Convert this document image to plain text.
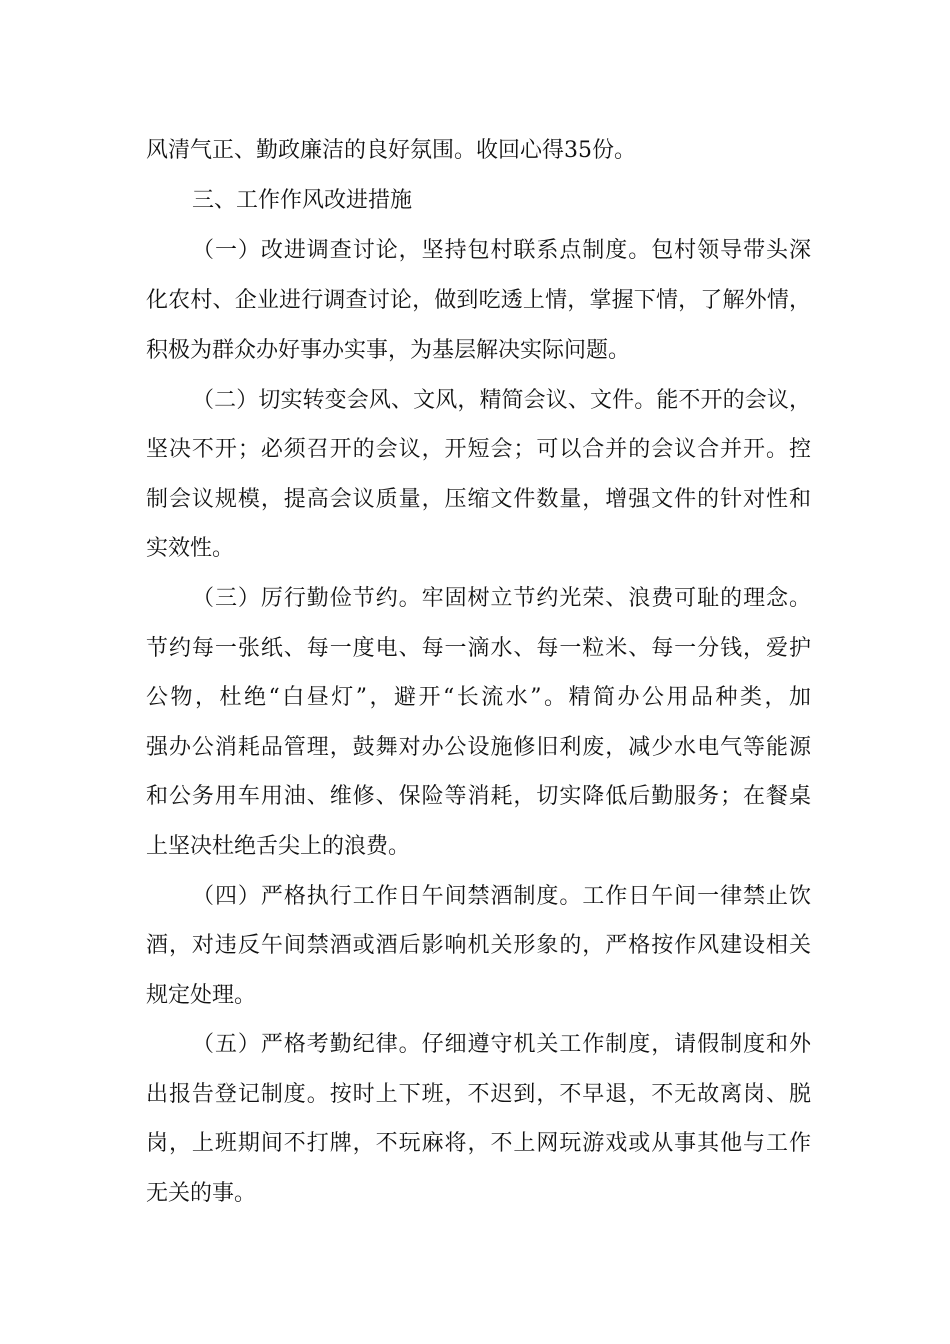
风清气正、勤政廉洁的良好氛围。收回心得35份。
三、工作作风改进措施
（一）改进调查讨论，坚持包村联系点制度。包村领导带头深
化农村、企业进行调查讨论，做到吃透上情，掌握下情，了解外情，
积极为群众办好事办实事，为基层解决实际问题。
（二）切实转变会风、文风，精简会议、文件。能不开的会议，
坚决不开；必须召开的会议，开短会；可以合并的会议合并开。控
制会议规模，提高会议质量，压缩文件数量，增强文件的针对性和
实效性。
（三）厉行勤俭节约。牢固树立节约光荣、浪费可耻的理念。
节约每一张纸、每一度电、每一滴水、每一粒米、每一分钱，爱护
公物，杜绝“白昼灯”，避开“长流水”。精简办公用品种类，加
强办公消耗品管理，鼓舞对办公设施修旧利废，减少水电气等能源
和公务用车用油、维修、保险等消耗，切实降低后勤服务；在餐桌
上坚决杜绝舌尖上的浪费。
（四）严格执行工作日午间禁酒制度。工作日午间一律禁止饮
酒，对违反午间禁酒或酒后影响机关形象的，严格按作风建设相关
规定处理。
（五）严格考勤纪律。仔细遵守机关工作制度，请假制度和外
出报告登记制度。按时上下班，不迟到，不早退，不无故离岗、脱
岗，上班期间不打牌，不玩麻将，不上网玩游戏或从事其他与工作
无关的事。
